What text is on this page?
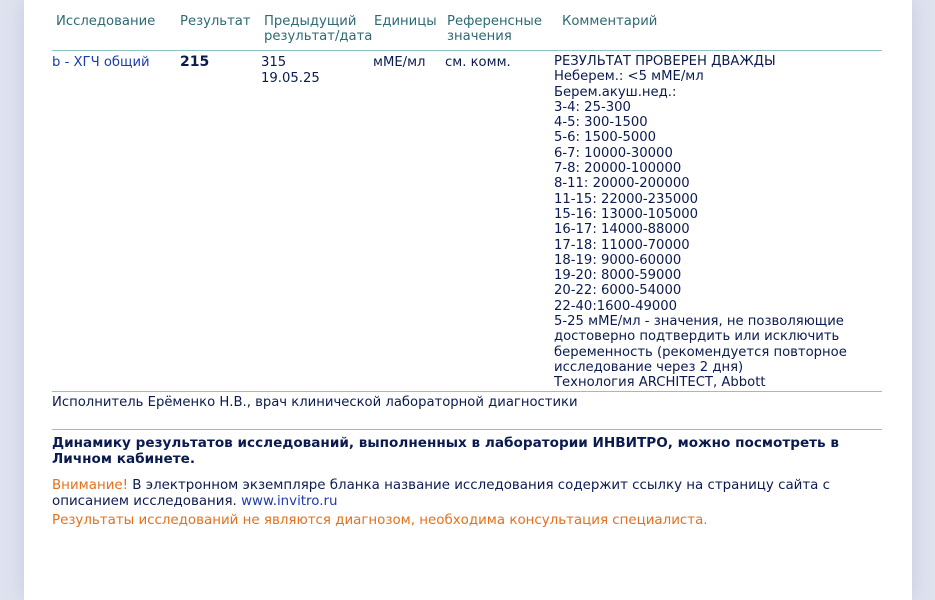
Исследование Результат Предыдущий
результат/дата
Единицы Референсные
значения
Комментарий
b - ХГЧ общий 215	315
19.05.25
мМЕ/мл см. комм.	РЕЗУЛЬТАТ ПРОВЕРЕН ДВАЖДЫ
Неберем.: <5 мМЕ/мл
Берем.акуш.нед.:
3-4: 25-300
4-5: 300-1500
5-6: 1500-5000
6-7: 10000-30000
7-8: 20000-100000
8-11: 20000-200000
11-15: 22000-235000
15-16: 13000-105000
16-17: 14000-88000
17-18: 11000-70000
18-19: 9000-60000
19-20: 8000-59000
20-22: 6000-54000
22-40:1600-49000
5-25 мМЕ/мл - значения, не позволяющие
достоверно подтвердить или исключить
беременность (рекомендуется повторное
исследование через 2 дня)
Технология ARCHITECT, Abbott
Исполнитель Ерёменко Н.В., врач клинической лабораторной диагностики
Динамику результатов исследований, выполненных в лаборатории ИНВИТРО, можно посмотреть в Личном кабинете.
Внимание! В электронном экземпляре бланка название исследования содержит ссылку на страницу сайта с описанием исследования. www.invitro.ru
Результаты исследований не являются диагнозом, необходима консультация специалиста.
